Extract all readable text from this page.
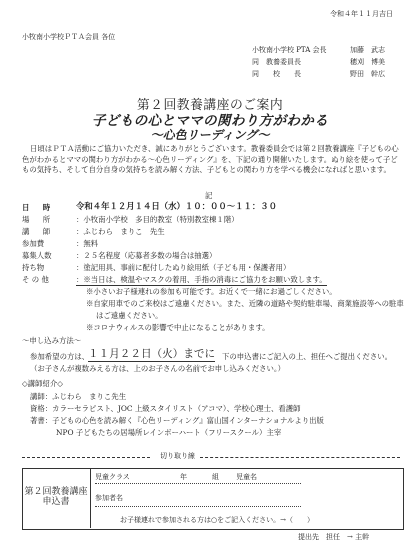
令和４年１１月吉日
小牧南小学校ＰＴＡ会員 各位
小牧南小学校 PTA 会長	加藤　武志
同　教養委員長	穂刈　博美
同　　校　　長	野田　幹広
第２回教養講座のご案内
子どもの心とママの関わり方がわかる
〜心色リーディング〜
日頃はＰＴＡ活動にご協力いただき、誠にありがとうございます。教養委員会では第２回教養講座『子どもの心色がわかるとママの関わり方がわかる〜心色リーディング』を、下記の通り開催いたします。ぬり絵を使って子どもの気持ち、そして自分自身の気持ちを読み解く方法、子どもとの関わり方を学べる機会になればと思います。
記
日　時	令和４年１２月１４日（水）１０：００〜１１：３０
場　所	：小牧南小学校　多目的教室（特別教室棟１階）
講　師	：ふじわら　まりこ　先生
参加費	：無料
募集人数	：２５名程度（応募者多数の場合は抽選）
持ち物	：塗記用具、事前に配付したぬり絵用紙（子ども用・保護者用）
そ の 他	：※当日は、検温やマスクの着用、手指の消毒にご協力をお願い致します。
※小さいお子様連れの参加も可能です。お近くで一緒にお過ごしください。
※自家用車でのご来校はご遠慮ください。また、近隣の道路や契約駐車場、商業施設等への駐車
はご遠慮ください。
※コロナウィルスの影響で中止になることがあります。
〜申し込み方法〜
参加希望の方は、
１１月２２日（火）までに 下の申込書にご記入の上、担任へご提出ください。
（お子さんが複数みえる方は、上のお子さんの名前でお申し込みください。）
◇講師紹介◇
講師：ふじわら　まりこ先生
資格：カラーセラピスト、JOC 上級スタイリスト（アコマ）、学校心理士、看護師
著書：子どもの心色を読み解く『心色リーディング』富山国インターナショナルより出版
NPO 子どもたちの居場所レインボーハート（フリースクール）主宰
切り取り線
第２回教養講座申込書
児童クラス	年	組 児童名
参加者名
お子様連れで参加される方は○をご記入ください。→（　　）
提出先　担任　→ 主幹
